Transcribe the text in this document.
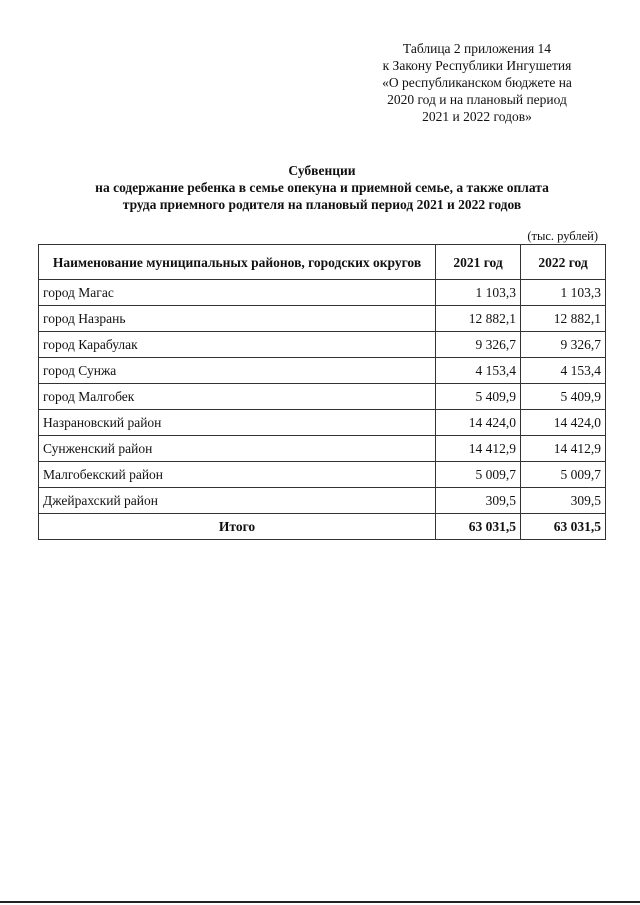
Таблица 2 приложения 14
к Закону Республики Ингушетия
«О республиканском бюджете на
2020 год и на плановый период
2021 и 2022 годов»
Субвенции
на содержание ребенка в семье опекуна и приемной семье, а также оплата
труда приемного родителя на плановый период 2021 и 2022 годов
(тыс. рублей)
Наименование муниципальных районов, городских округов	2021 год	2022 год
город Магас	1 103,3	1 103,3
город Назрань	12 882,1	12 882,1
город Карабулак	9 326,7	9 326,7
город Сунжа	4 153,4	4 153,4
город Малгобек	5 409,9	5 409,9
Назрановский район	14 424,0	14 424,0
Сунженский район	14 412,9	14 412,9
Малгобекский район	5 009,7	5 009,7
Джейрахский район	309,5	309,5
Итого	63 031,5	63 031,5
